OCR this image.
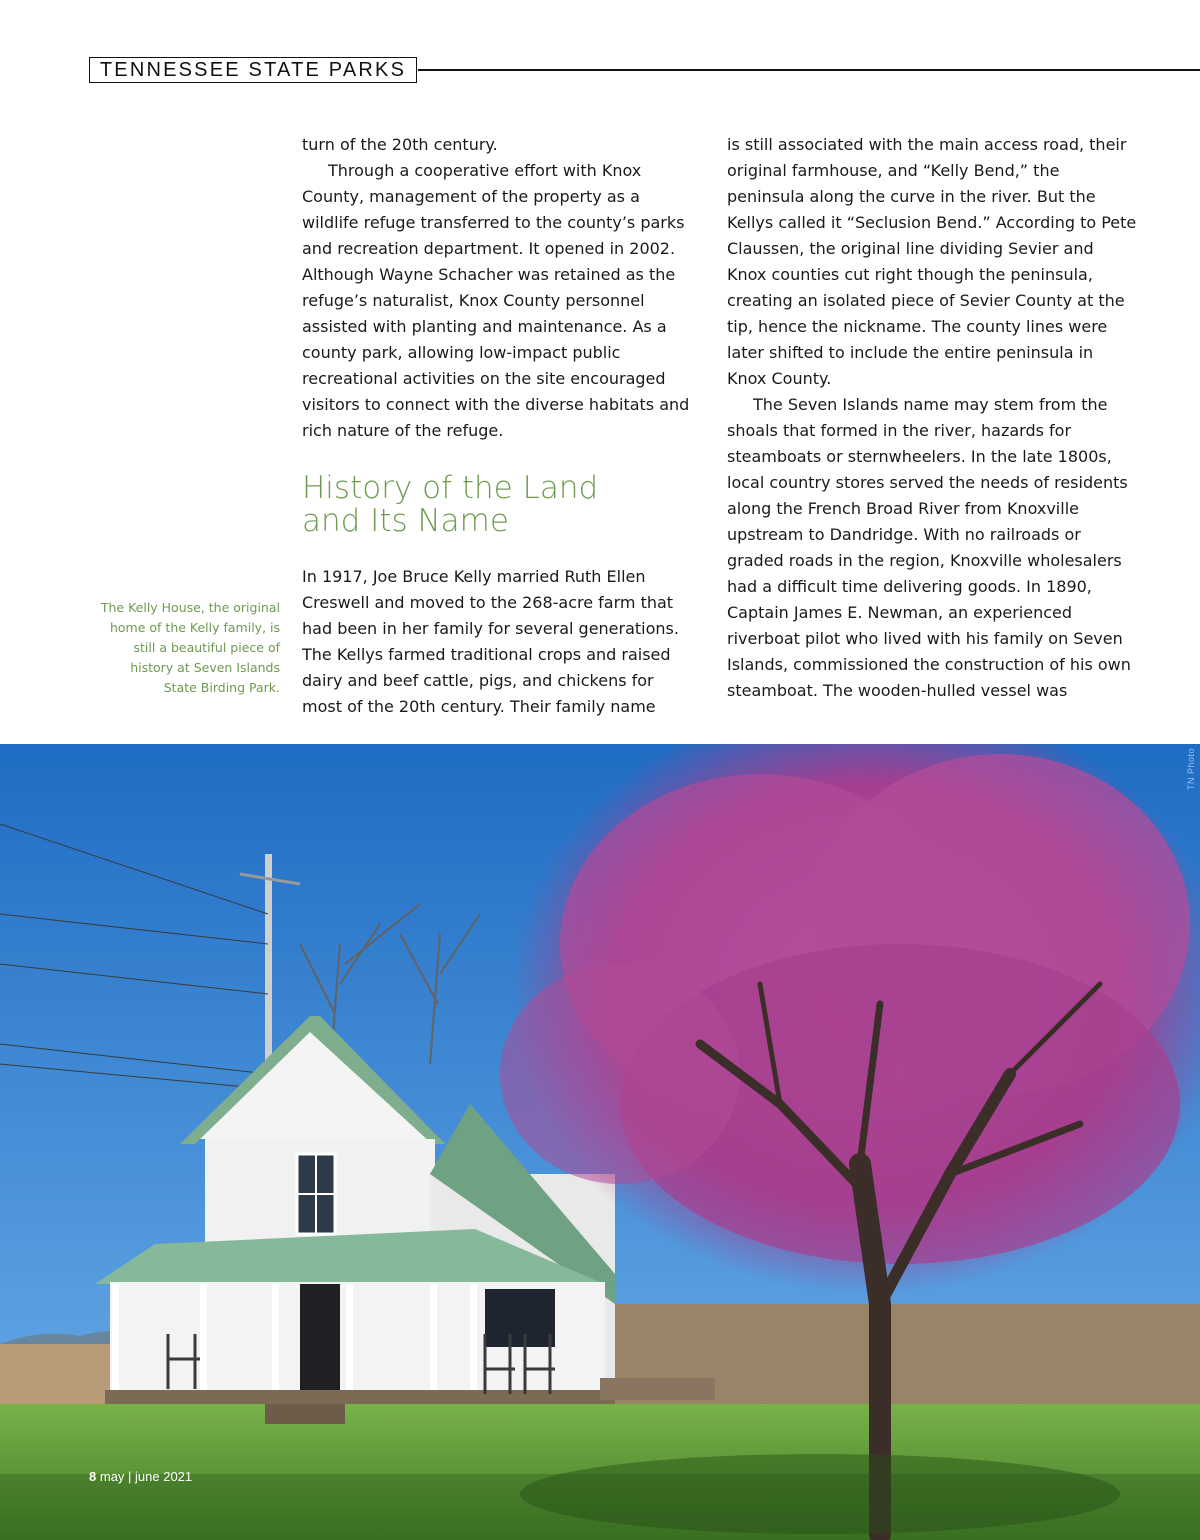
TENNESSEE STATE PARKS

turn of the 20th century.

Through a cooperative effort with Knox County, management of the property as a wildlife refuge transferred to the county’s parks and recreation department. It opened in 2002. Although Wayne Schacher was retained as the refuge’s naturalist, Knox County personnel assisted with planting and maintenance. As a county park, allowing low-impact public recreational activities on the site encouraged visitors to connect with the diverse habitats and rich nature of the refuge.

History of the Land and Its Name

In 1917, Joe Bruce Kelly married Ruth Ellen Creswell and moved to the 268-acre farm that had been in her family for several generations. The Kellys farmed traditional crops and raised dairy and beef cattle, pigs, and chickens for most of the 20th century. Their family name

is still associated with the main access road, their original farmhouse, and “Kelly Bend,” the peninsula along the curve in the river. But the Kellys called it “Seclusion Bend.” According to Pete Claussen, the original line dividing Sevier and Knox counties cut right though the peninsula, creating an isolated piece of Sevier County at the tip, hence the nickname. The county lines were later shifted to include the entire peninsula in Knox County.

The Seven Islands name may stem from the shoals that formed in the river, hazards for steamboats or sternwheelers. In the late 1800s, local country stores served the needs of residents along the French Broad River from Knoxville upstream to Dandridge. With no railroads or graded roads in the region, Knoxville wholesalers had a difficult time delivering goods. In 1890, Captain James E. Newman, an experienced riverboat pilot who lived with his family on Seven Islands, commissioned the construction of his own steamboat. The wooden-hulled vessel was

The Kelly House, the original home of the Kelly family, is still a beautiful piece of history at Seven Islands State Birding Park.
TN Photo
8 may | june 2021
